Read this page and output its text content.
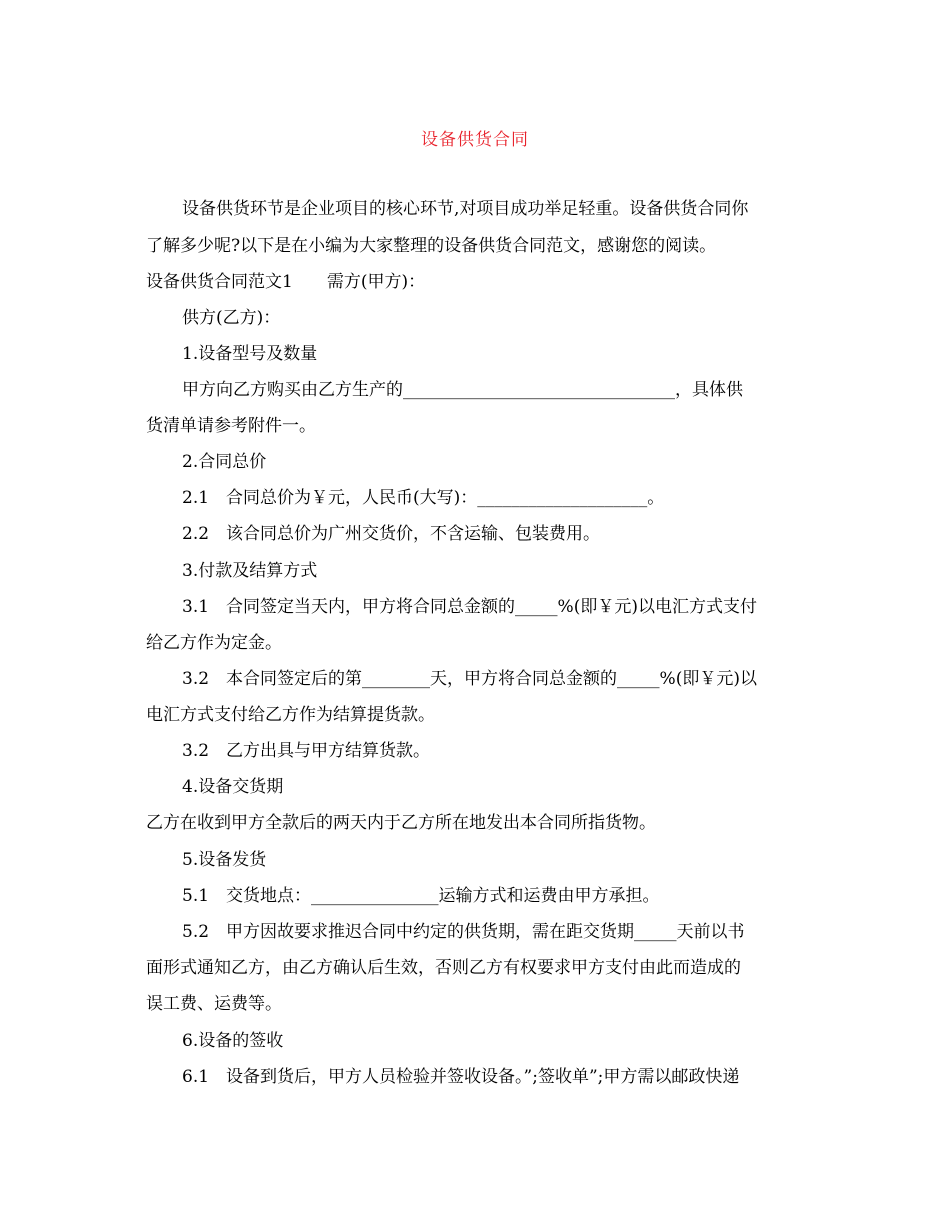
设备供货合同
设备供货环节是企业项目的核心环节,对项目成功举足轻重。设备供货合同你
了解多少呢?以下是在小编为大家整理的设备供货合同范文，感谢您的阅读。
设备供货合同范文1　　需方(甲方)：
供方(乙方)：
1.设备型号及数量
甲方向乙方购买由乙方生产的________________________________，具体供
货清单请参考附件一。
2.合同总价
2.1　合同总价为￥元，人民币(大写)：____________________。
2.2　该合同总价为广州交货价，不含运输、包装费用。
3.付款及结算方式
3.1　合同签定当天内，甲方将合同总金额的_____%(即￥元)以电汇方式支付
给乙方作为定金。
3.2　本合同签定后的第________天，甲方将合同总金额的_____%(即￥元)以
电汇方式支付给乙方作为结算提货款。
3.2　乙方出具与甲方结算货款。
4.设备交货期
乙方在收到甲方全款后的两天内于乙方所在地发出本合同所指货物。
5.设备发货
5.1　交货地点：_______________运输方式和运费由甲方承担。
5.2　甲方因故要求推迟合同中约定的供货期，需在距交货期_____天前以书
面形式通知乙方，由乙方确认后生效，否则乙方有权要求甲方支付由此而造成的
误工费、运费等。
6.设备的签收
6.1　设备到货后，甲方人员检验并签收设备。”;签收单”;甲方需以邮政快递
